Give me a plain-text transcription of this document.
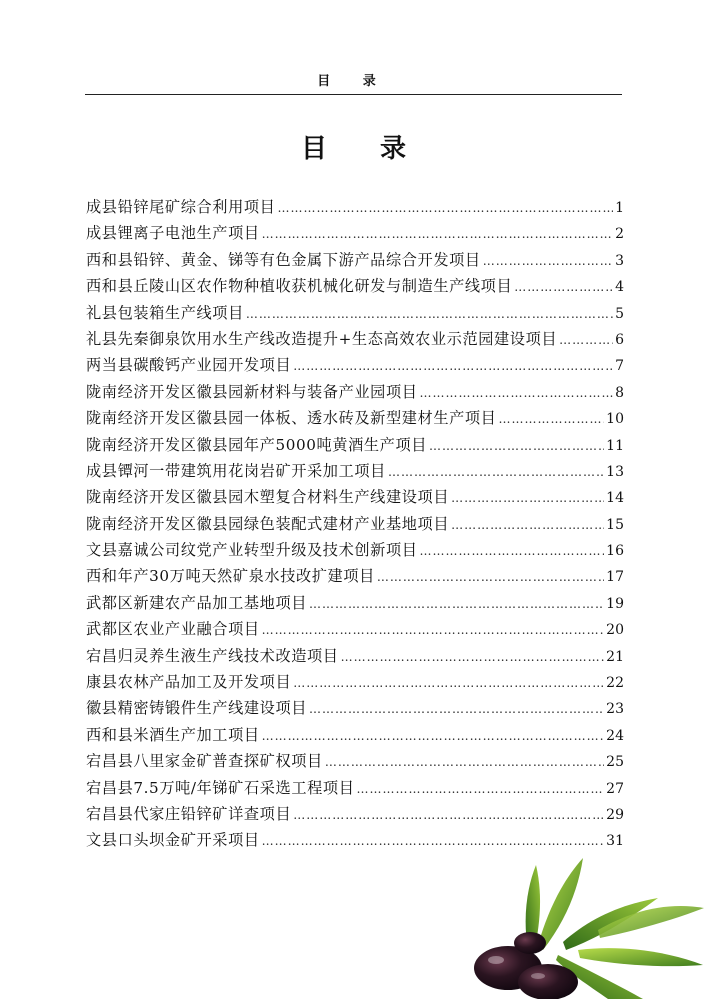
目 录
目 录
成县铅锌尾矿综合利用项目 …………………………………………………………………………………………………………………………………………………………………………………………………………	1
成县锂离子电池生产项目 …………………………………………………………………………………………………………………………………………………………………………………………………………	2
西和县铅锌、黄金、锑等有色金属下游产品综合开发项目 …………………………………………………………………………………………………………………………………………………………………………………………………………	3
西和县丘陵山区农作物种植收获机械化研发与制造生产线项目 …………………………………………………………………………………………………………………………………………………………………………………………………………	4
礼县包装箱生产线项目 …………………………………………………………………………………………………………………………………………………………………………………………………………	5
礼县先秦御泉饮用水生产线改造提升+生态高效农业示范园建设项目 …………………………………………………………………………………………………………………………………………………………………………………………………………	6
两当县碳酸钙产业园开发项目 …………………………………………………………………………………………………………………………………………………………………………………………………………	7
陇南经济开发区徽县园新材料与装备产业园项目 …………………………………………………………………………………………………………………………………………………………………………………………………………	8
陇南经济开发区徽县园一体板、透水砖及新型建材生产项目 …………………………………………………………………………………………………………………………………………………………………………………………………………	10
陇南经济开发区徽县园年产5000吨黄酒生产项目 …………………………………………………………………………………………………………………………………………………………………………………………………………	11
成县镡河一带建筑用花岗岩矿开采加工项目 …………………………………………………………………………………………………………………………………………………………………………………………………………	13
陇南经济开发区徽县园木塑复合材料生产线建设项目 …………………………………………………………………………………………………………………………………………………………………………………………………………	14
陇南经济开发区徽县园绿色装配式建材产业基地项目 …………………………………………………………………………………………………………………………………………………………………………………………………………	15
文县嘉诚公司纹党产业转型升级及技术创新项目 …………………………………………………………………………………………………………………………………………………………………………………………………………	16
西和年产30万吨天然矿泉水技改扩建项目 …………………………………………………………………………………………………………………………………………………………………………………………………………	17
武都区新建农产品加工基地项目 …………………………………………………………………………………………………………………………………………………………………………………………………………	19
武都区农业产业融合项目 …………………………………………………………………………………………………………………………………………………………………………………………………………	20
宕昌归灵养生液生产线技术改造项目 …………………………………………………………………………………………………………………………………………………………………………………………………………	21
康县农林产品加工及开发项目 …………………………………………………………………………………………………………………………………………………………………………………………………………	22
徽县精密铸锻件生产线建设项目 …………………………………………………………………………………………………………………………………………………………………………………………………………	23
西和县米酒生产加工项目 …………………………………………………………………………………………………………………………………………………………………………………………………………	24
宕昌县八里家金矿普查探矿权项目 …………………………………………………………………………………………………………………………………………………………………………………………………………	25
宕昌县7.5万吨/年锑矿石采选工程项目 …………………………………………………………………………………………………………………………………………………………………………………………………………	27
宕昌县代家庄铅锌矿详查项目 …………………………………………………………………………………………………………………………………………………………………………………………………………	29
文县口头坝金矿开采项目 …………………………………………………………………………………………………………………………………………………………………………………………………………	31
